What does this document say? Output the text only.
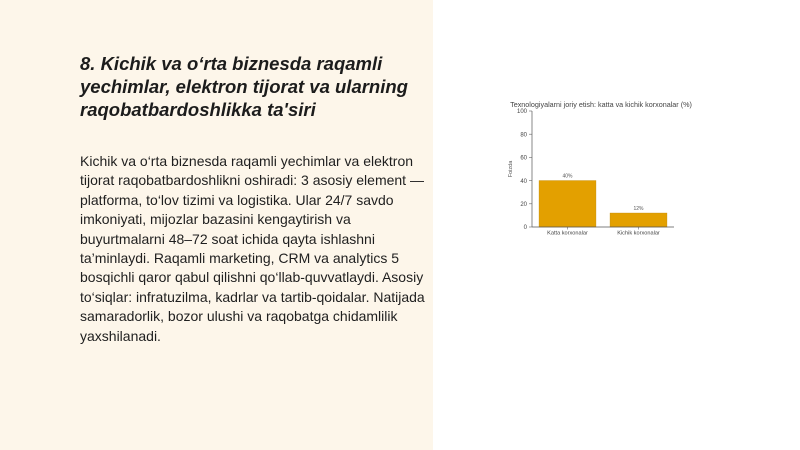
8. Kichik va o‘rta biznesda raqamli yechimlar, elektron tijorat va ularning raqobatbardoshlikka ta'siri

Kichik va o‘rta biznesda raqamli yechimlar va elektron tijorat raqobatbardoshlikni oshiradi: 3 asosiy element — platforma, to‘lov tizimi va logistika. Ular 24/7 savdo imkoniyati, mijozlar bazasini kengaytirish va buyurtmalarni 48–72 soat ichida qayta ishlashni ta’minlaydi. Raqamli marketing, CRM va analytics 5 bosqichli qaror qabul qilishni qo‘llab-quvvatlaydi. Asosiy to‘siqlar: infratuzilma, kadrlar va tartib-qoidalar. Natijada samaradorlik, bozor ulushi va raqobatga chidamlilik yaxshilanadi.

Texnologiyalarni joriy etish: katta va kichik korxonalar (%)
Foizda
0
20
40
60
80
100
40%
Katta korxonalar
12%
Kichik korxonalar
